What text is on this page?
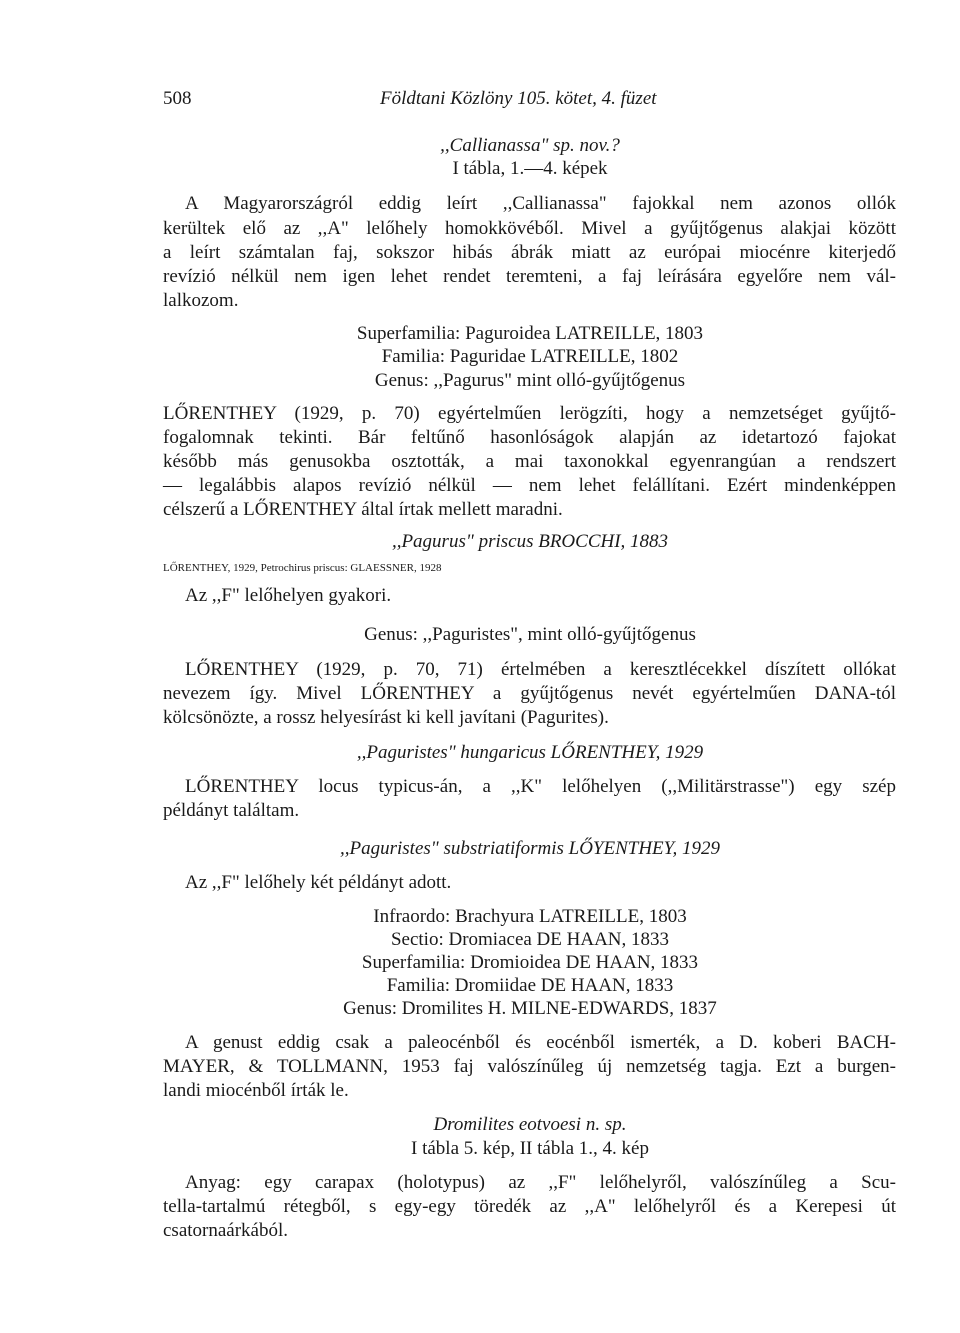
508	Földtani Közlöny 105. kötet, 4. füzet
,,Callianassa" sp. nov.?
I tábla, 1.—4. képek
A Magyarországról eddig leírt ,,Callianassa" fajokkal nem azonos ollók
kerültek elő az ,,A" lelőhely homokkövéből. Mivel a gyűjtőgenus alakjai között
a leírt számtalan faj, sokszor hibás ábrák miatt az európai miocénre kiterjedő
revízió nélkül nem igen lehet rendet teremteni, a faj leírására egyelőre nem vál-
lalkozom.
Superfamilia: Paguroidea LATREILLE, 1803
Familia: Paguridae LATREILLE, 1802
Genus: ,,Pagurus" mint olló-gyűjtőgenus
LŐRENTHEY (1929, p. 70) egyértelműen lerögzíti, hogy a nemzetséget gyűjtő-
fogalomnak tekinti. Bár feltűnő hasonlóságok alapján az idetartozó fajokat
később más genusokba osztották, a mai taxonokkal egyenrangúan a rendszert
— legalábbis alapos revízió nélkül — nem lehet felállítani. Ezért mindenképpen
célszerű a LŐRENTHEY által írtak mellett maradni.
,,Pagurus" priscus BROCCHI, 1883
LŐRENTHEY, 1929, Petrochirus priscus: GLAESSNER, 1928
Az ,,F" lelőhelyen gyakori.
Genus: ,,Paguristes", mint olló-gyűjtőgenus
LŐRENTHEY (1929, p. 70, 71) értelmében a keresztlécekkel díszített ollókat
nevezem így. Mivel LŐRENTHEY a gyűjtőgenus nevét egyértelműen DANA-tól
kölcsönözte, a rossz helyesírást ki kell javítani (Pagurites).
,,Paguristes" hungaricus LŐRENTHEY, 1929
LŐRENTHEY locus typicus-án, a ,,K" lelőhelyen (,,Militärstrasse") egy szép
példányt találtam.
,,Paguristes" substriatiformis LŐYENTHEY, 1929
Az ,,F" lelőhely két példányt adott.
Infraordo: Brachyura LATREILLE, 1803
Sectio: Dromiacea DE HAAN, 1833
Superfamilia: Dromioidea DE HAAN, 1833
Familia: Dromiidae DE HAAN, 1833
Genus: Dromilites H. MILNE-EDWARDS, 1837
A genust eddig csak a paleocénből és eocénből ismerték, a D. koberi BACH-
MAYER, & TOLLMANN, 1953 faj valószínűleg új nemzetség tagja. Ezt a burgen-
landi miocénből írták le.
Dromilites eotvoesi n. sp.
I tábla 5. kép, II tábla 1., 4. kép
Anyag: egy carapax (holotypus) az ,,F" lelőhelyről, valószínűleg a Scu-
tella-tartalmú rétegből, s egy-egy töredék az ,,A" lelőhelyről és a Kerepesi út
csatornaárkából.
